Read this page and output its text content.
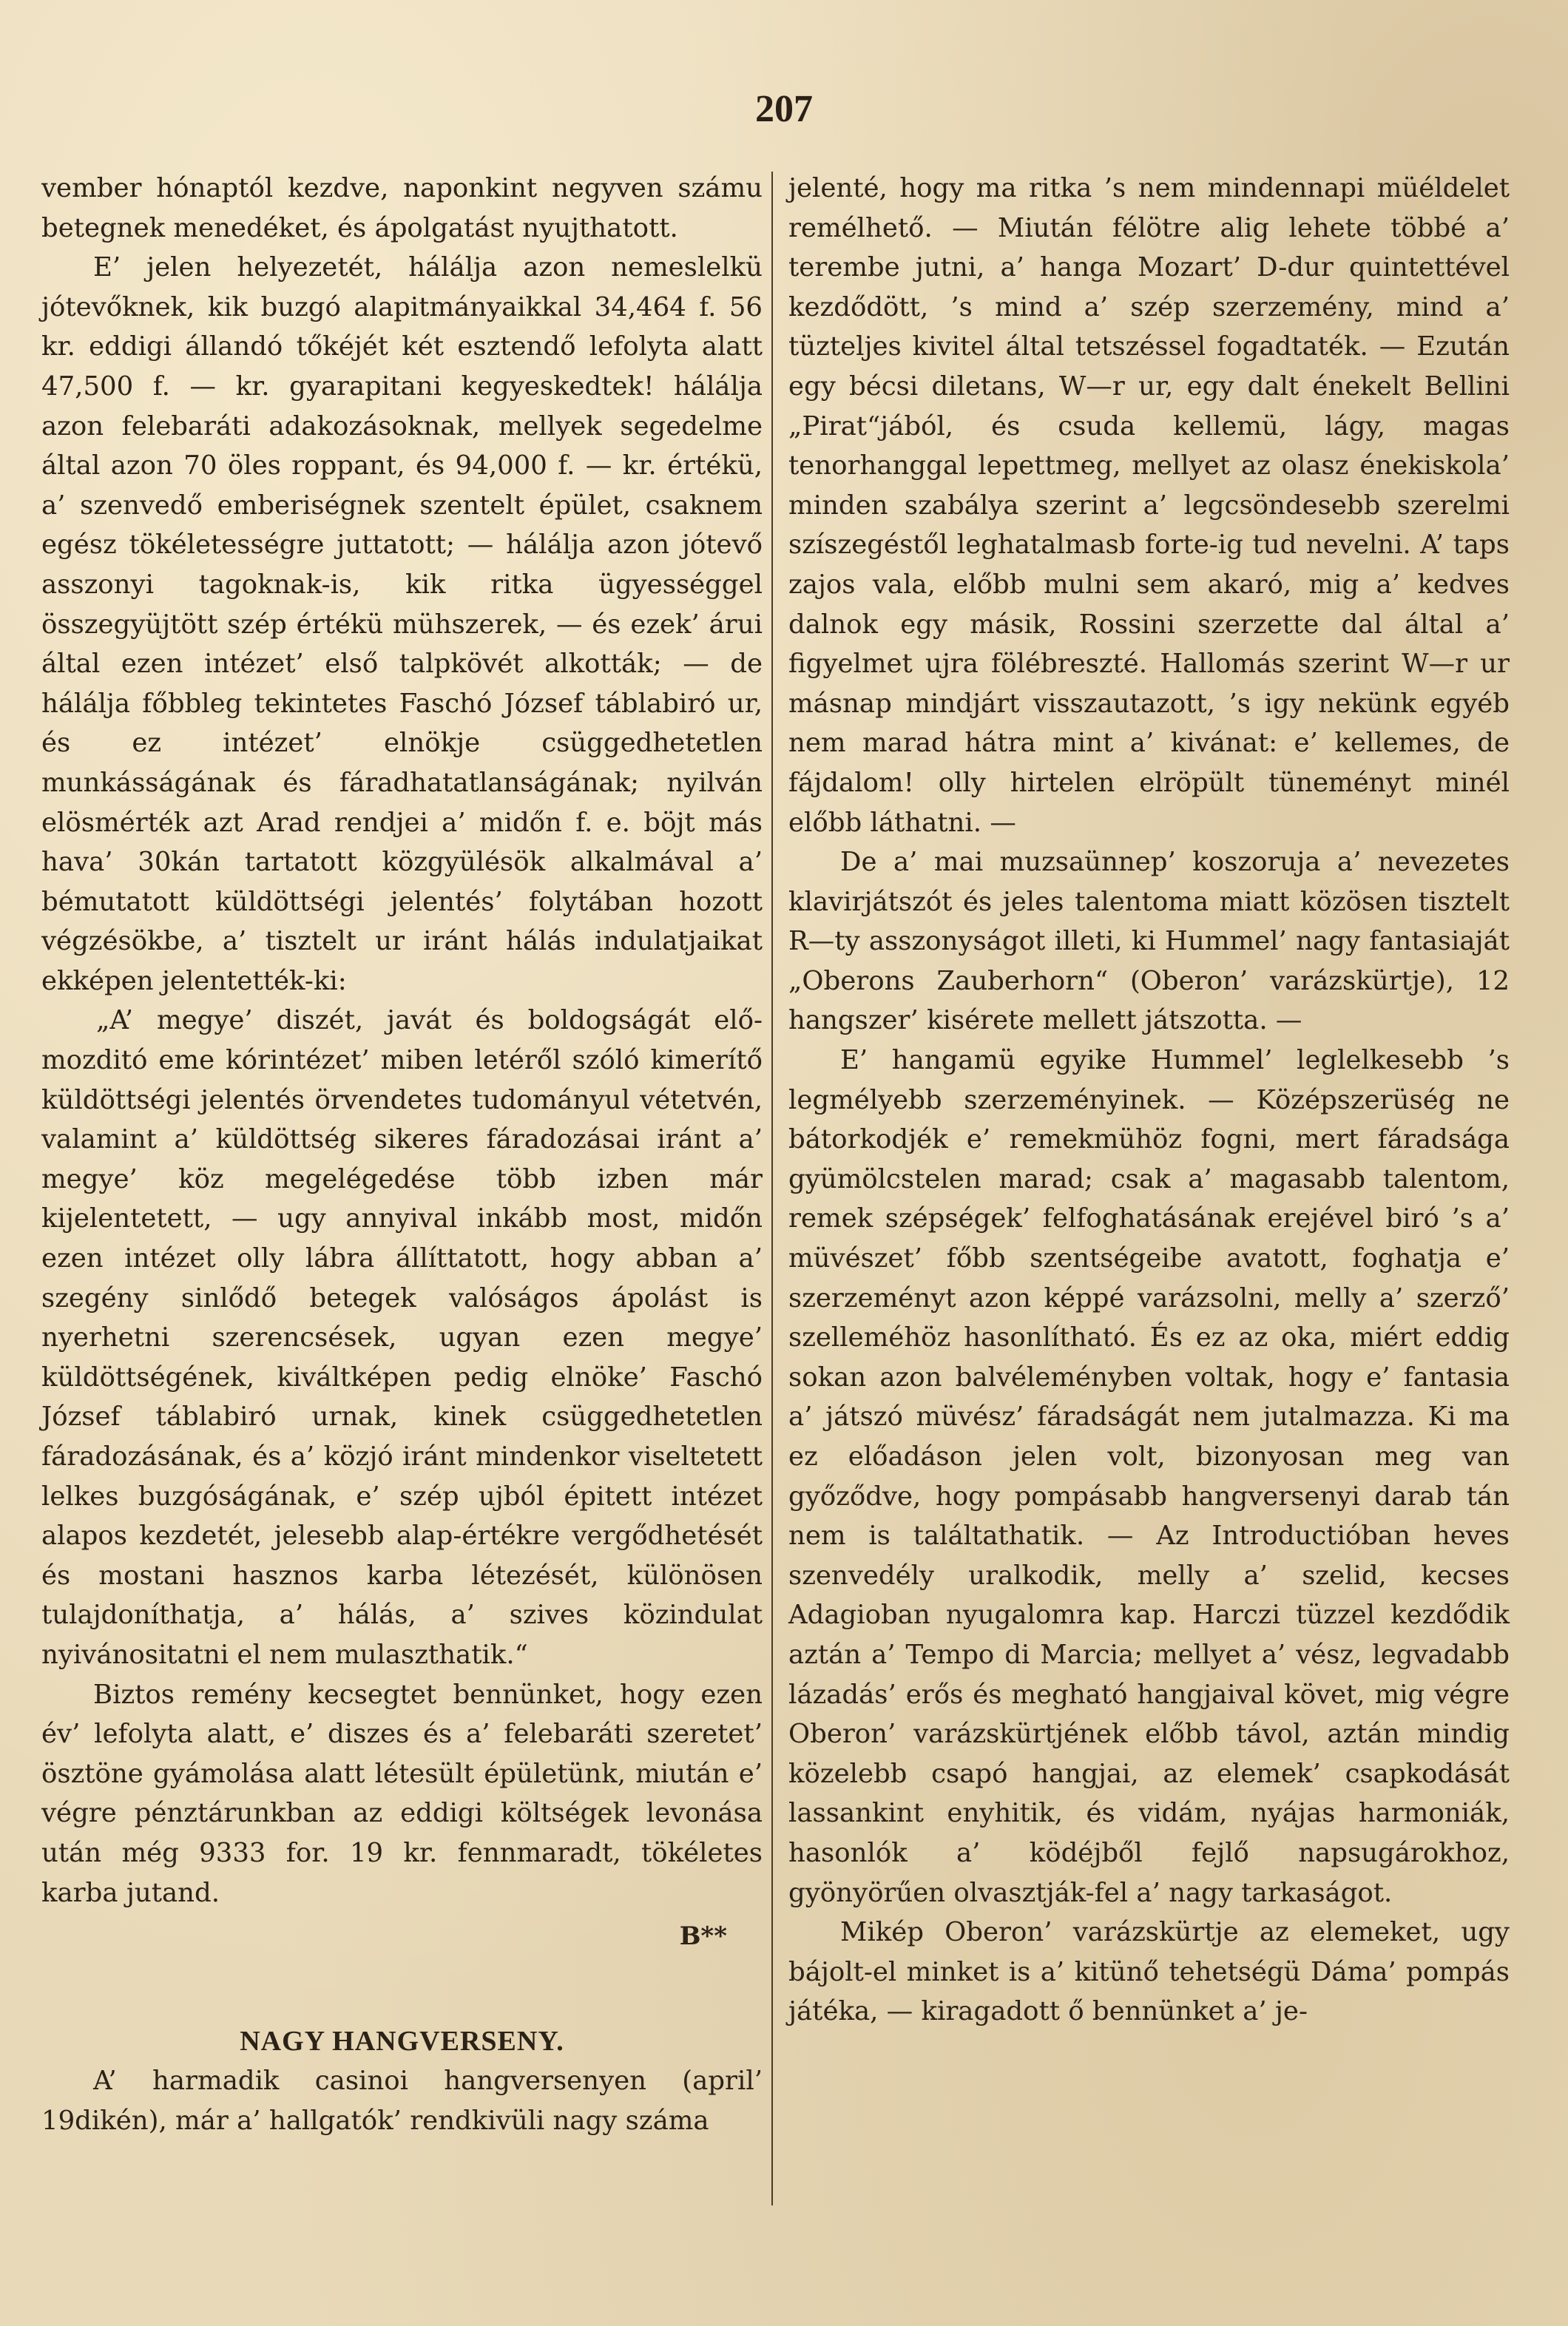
207

vember hónaptól kezdve, naponkint negyven számu betegnek menedéket, és ápolgatást nyujthatott.

E’ jelen helyezetét, hálálja azon nemeslelkü jótevőknek, kik buzgó alapitmányaikkal 34,464 f. 56 kr. eddigi állandó tőkéjét két esztendő lefolyta alatt 47,500 f. — kr. gyarapitani kegyeskedtek! hálálja azon felebaráti adakozásoknak, mellyek segedelme által azon 70 öles roppant, és 94,000 f. — kr. értékü, a’ szenvedő emberiségnek szentelt épület, csaknem egész tökéletességre juttatott; — hálálja azon jótevő asszonyi tagoknak-is, kik ritka ügyességgel összegyüjtött szép értékü mühszerek, — és ezek’ árui által ezen intézet’ első talpkövét alkották; — de hálálja főbbleg tekintetes Faschó József táblabiró ur, és ez intézet’ elnökje csüggedhetetlen munkásságának és fáradhatatlanságának; nyilván elösmérték azt Arad rendjei a’ midőn f. e. böjt más hava’ 30kán tartatott közgyülésök alkalmával a’ bémutatott küldöttségi jelentés’ folytában hozott végzésökbe, a’ tisztelt ur iránt hálás indulatjaikat ekképen jelentették-ki:

„A’ megye’ diszét, javát és boldogságát előmozditó eme kórintézet’ miben letéről szóló kimerítő küldöttségi jelentés örvendetes tudományul vétetvén, valamint a’ küldöttség sikeres fáradozásai iránt a’ megye’ köz megelégedése több izben már kijelentetett, — ugy annyival inkább most, midőn ezen intézet olly lábra állíttatott, hogy abban a’ szegény sinlődő betegek valóságos ápolást is nyerhetni szerencsések, ugyan ezen megye’ küldöttségének, kiváltképen pedig elnöke’ Faschó József táblabiró urnak, kinek csüggedhetetlen fáradozásának, és a’ közjó iránt mindenkor viseltetett lelkes buzgóságának, e’ szép ujból épitett intézet alapos kezdetét, jelesebb alap-értékre vergődhetését és mostani hasznos karba létezését, különösen tulajdoníthatja, a’ hálás, a’ szives közindulat nyivánositatni el nem mulaszthatik.“

Biztos remény kecsegtet bennünket, hogy ezen év’ lefolyta alatt, e’ diszes és a’ felebaráti szeretet’ ösztöne gyámolása alatt létesült épületünk, miután e’ végre pénztárunkban az eddigi költségek levonása után még 9333 for. 19 kr. fennmaradt, tökéletes karba jutand.

B**

NAGY HANGVERSENY.

A’ harmadik casinoi hangversenyen (april’ 19dikén), már a’ hallgatók’ rendkivüli nagy száma

jelenté, hogy ma ritka ’s nem mindennapi müéldelet remélhető. — Miután félötre alig lehete többé a’ terembe jutni, a’ hanga Mozart’ D-dur quintettével kezdődött, ’s mind a’ szép szerzemény, mind a’ tüzteljes kivitel által tetszéssel fogadtaték. — Ezután egy bécsi diletans, W—r ur, egy dalt énekelt Bellini „Pirat“jából, és csuda kellemü, lágy, magas tenorhanggal lepettmeg, mellyet az olasz énekiskola’ minden szabálya szerint a’ legcsöndesebb szerelmi szíszegéstől leghatalmasb forte-ig tud nevelni. A’ taps zajos vala, előbb mulni sem akaró, mig a’ kedves dalnok egy másik, Rossini szerzette dal által a’ figyelmet ujra fölébreszté. Hallomás szerint W—r ur másnap mindjárt visszautazott, ’s igy nekünk egyéb nem marad hátra mint a’ kivánat: e’ kellemes, de fájdalom! olly hirtelen elröpült tüneményt minél előbb láthatni. —

De a’ mai muzsaünnep’ koszoruja a’ nevezetes klavirjátszót és jeles talentoma miatt közösen tisztelt R—ty asszonyságot illeti, ki Hummel’ nagy fantasiaját „Oberons Zauberhorn“ (Oberon’ varázskürtje), 12 hangszer’ kisérete mellett játszotta. —

E’ hangamü egyike Hummel’ leglelkesebb ’s legmélyebb szerzeményinek. — Középszerüség ne bátorkodjék e’ remekmühöz fogni, mert fáradsága gyümölcstelen marad; csak a’ magasabb talentom, remek szépségek’ felfoghatásának erejével biró ’s a’ müvészet’ főbb szentségeibe avatott, foghatja e’ szerzeményt azon képpé varázsolni, melly a’ szerző’ szelleméhöz hasonlítható. És ez az oka, miért eddig sokan azon balvéleményben voltak, hogy e’ fantasia a’ játszó müvész’ fáradságát nem jutalmazza. Ki ma ez előadáson jelen volt, bizonyosan meg van győződve, hogy pompásabb hangversenyi darab tán nem is találtathatik. — Az Introductióban heves szenvedély uralkodik, melly a’ szelid, kecses Adagioban nyugalomra kap. Harczi tüzzel kezdődik aztán a’ Tempo di Marcia; mellyet a’ vész, legvadabb lázadás’ erős és megható hangjaival követ, mig végre Oberon’ varázskürtjének előbb távol, aztán mindig közelebb csapó hangjai, az elemek’ csapkodását lassankint enyhitik, és vidám, nyájas harmoniák, hasonlók a’ ködéjből fejlő napsugárokhoz, gyönyörűen olvasztják-fel a’ nagy tarkaságot.

Mikép Oberon’ varázskürtje az elemeket, ugy bájolt-el minket is a’ kitünő tehetségü Dáma’ pompás játéka, — kiragadott ő bennünket a’ je-
